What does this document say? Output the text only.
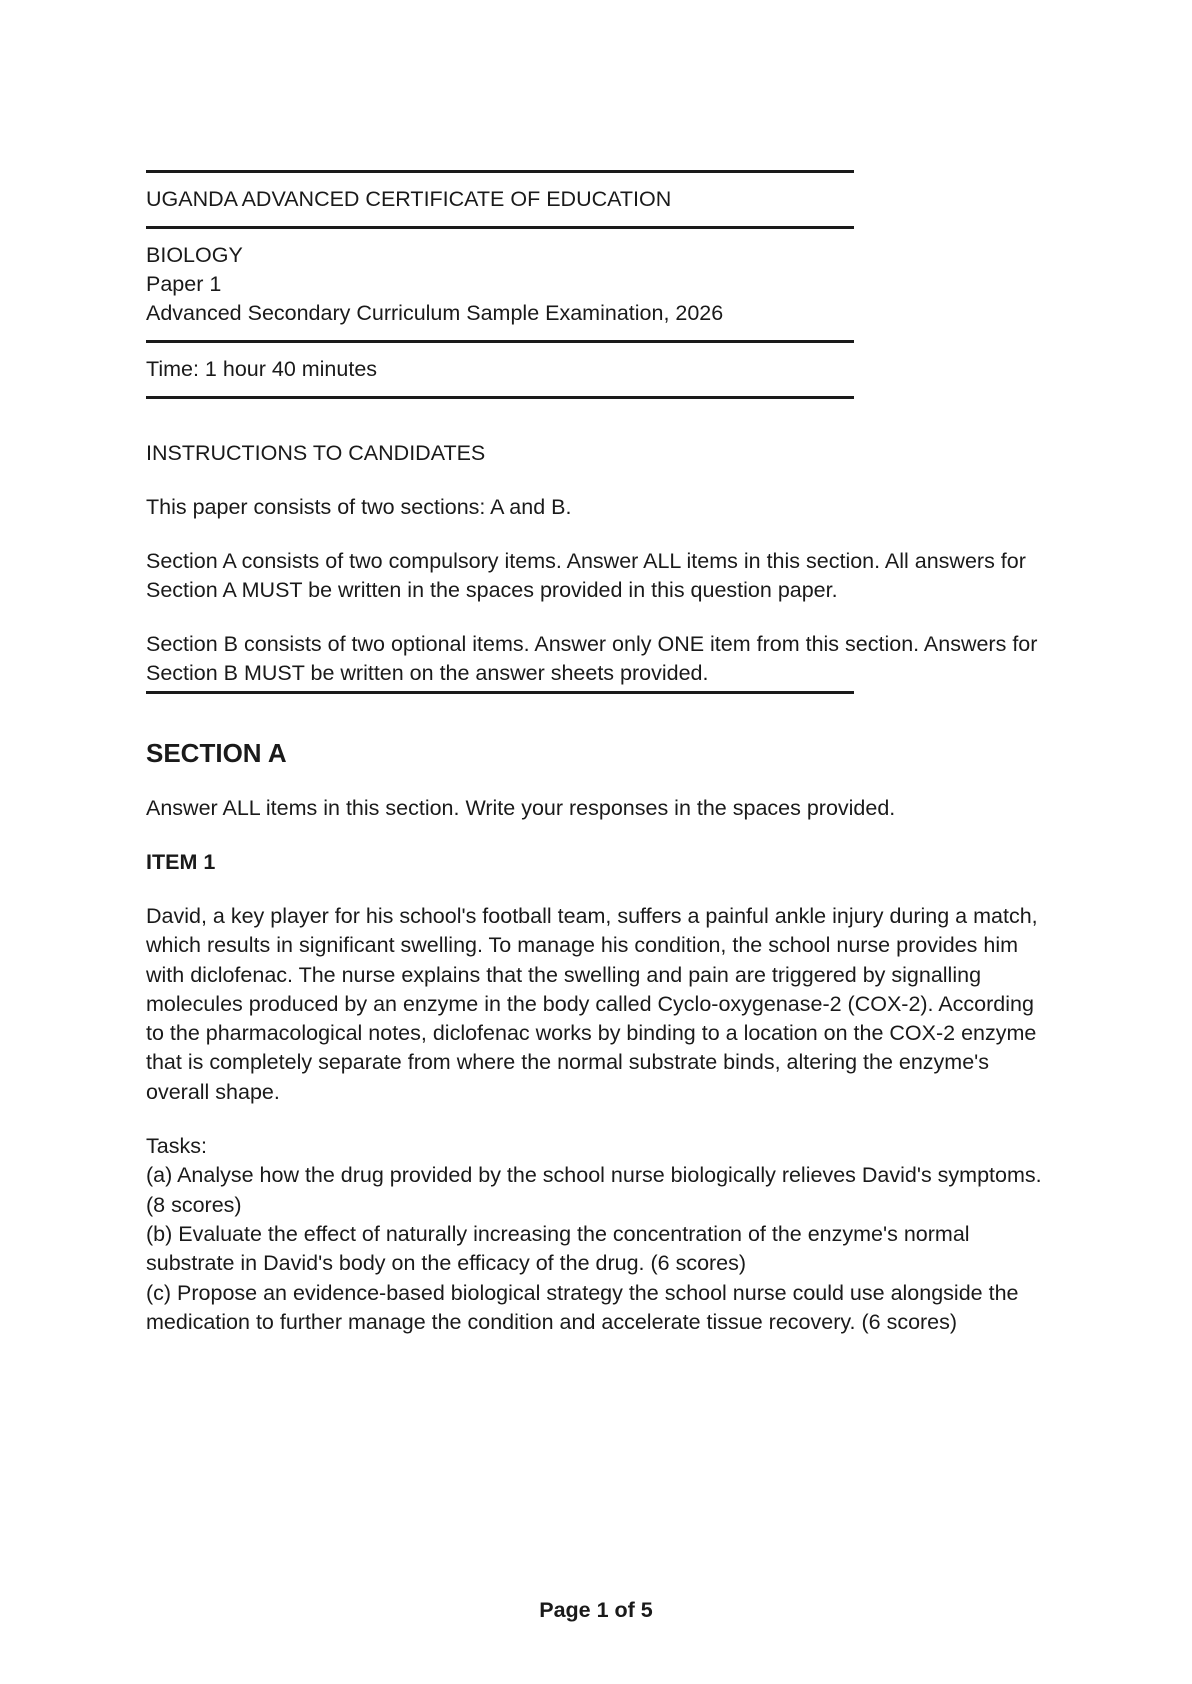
UGANDA ADVANCED CERTIFICATE OF EDUCATION

BIOLOGY

Paper 1

Advanced Secondary Curriculum Sample Examination, 2026

Time: 1 hour 40 minutes

INSTRUCTIONS TO CANDIDATES

This paper consists of two sections: A and B.

Section A consists of two compulsory items. Answer ALL items in this section. All answers for Section A MUST be written in the spaces provided in this question paper.

Section B consists of two optional items. Answer only ONE item from this section. Answers for Section B MUST be written on the answer sheets provided.

SECTION A

Answer ALL items in this section. Write your responses in the spaces provided.

ITEM 1

David, a key player for his school's football team, suffers a painful ankle injury during a match, which results in significant swelling. To manage his condition, the school nurse provides him with diclofenac. The nurse explains that the swelling and pain are triggered by signalling molecules produced by an enzyme in the body called Cyclo-oxygenase-2 (COX-2). According to the pharmacological notes, diclofenac works by binding to a location on the COX-2 enzyme that is completely separate from where the normal substrate binds, altering the enzyme's overall shape.

Tasks:
(a) Analyse how the drug provided by the school nurse biologically relieves David's symptoms. (8 scores)
(b) Evaluate the effect of naturally increasing the concentration of the enzyme's normal substrate in David's body on the efficacy of the drug. (6 scores)
(c) Propose an evidence-based biological strategy the school nurse could use alongside the medication to further manage the condition and accelerate tissue recovery. (6 scores)
Page 1 of 5
